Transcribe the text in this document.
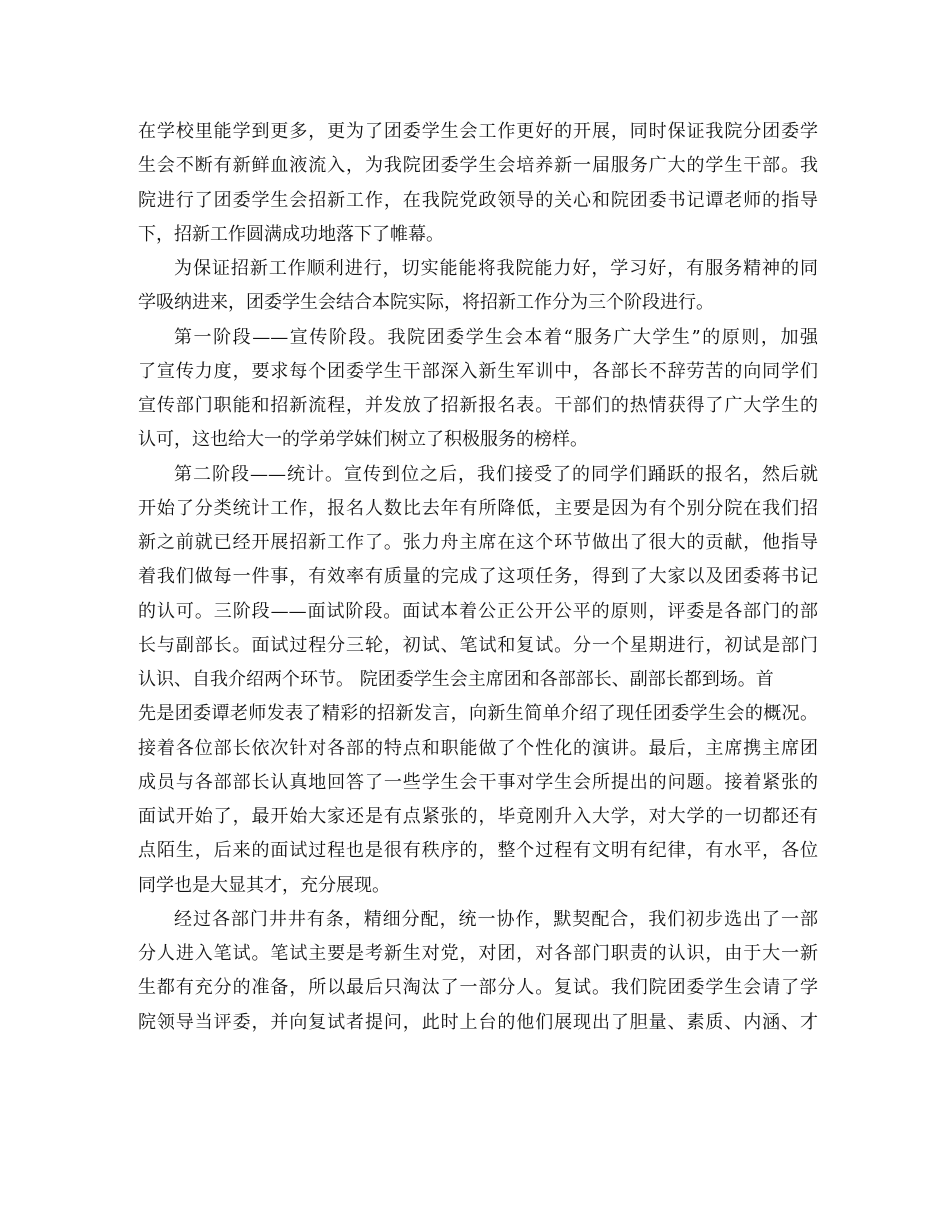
在学校里能学到更多，更为了团委学生会工作更好的开展，同时保证我院分团委学
生会不断有新鲜血液流入，为我院团委学生会培养新一届服务广大的学生干部。我
院进行了团委学生会招新工作，在我院党政领导的关心和院团委书记谭老师的指导
下，招新工作圆满成功地落下了帷幕。
为保证招新工作顺利进行，切实能能将我院能力好，学习好，有服务精神的同
学吸纳进来，团委学生会结合本院实际，将招新工作分为三个阶段进行。
第一阶段——宣传阶段。我院团委学生会本着“服务广大学生”的原则，加强
了宣传力度，要求每个团委学生干部深入新生军训中，各部长不辞劳苦的向同学们
宣传部门职能和招新流程，并发放了招新报名表。干部们的热情获得了广大学生的
认可，这也给大一的学弟学妹们树立了积极服务的榜样。
第二阶段——统计。宣传到位之后，我们接受了的同学们踊跃的报名，然后就
开始了分类统计工作，报名人数比去年有所降低，主要是因为有个别分院在我们招
新之前就已经开展招新工作了。张力舟主席在这个环节做出了很大的贡献，他指导
着我们做每一件事，有效率有质量的完成了这项任务，得到了大家以及团委蒋书记
的认可。三阶段——面试阶段。面试本着公正公开公平的原则，评委是各部门的部
长与副部长。面试过程分三轮，初试、笔试和复试。分一个星期进行，初试是部门
认识、自我介绍两个环节。 院团委学生会主席团和各部部长、副部长都到场。首
先是团委谭老师发表了精彩的招新发言，向新生简单介绍了现任团委学生会的概况。
接着各位部长依次针对各部的特点和职能做了个性化的演讲。最后，主席携主席团
成员与各部部长认真地回答了一些学生会干事对学生会所提出的问题。接着紧张的
面试开始了，最开始大家还是有点紧张的，毕竟刚升入大学，对大学的一切都还有
点陌生，后来的面试过程也是很有秩序的，整个过程有文明有纪律，有水平，各位
同学也是大显其才，充分展现。
经过各部门井井有条，精细分配，统一协作，默契配合，我们初步选出了一部
分人进入笔试。笔试主要是考新生对党，对团，对各部门职责的认识，由于大一新
生都有充分的准备，所以最后只淘汰了一部分人。复试。我们院团委学生会请了学
院领导当评委，并向复试者提问，此时上台的他们展现出了胆量、素质、内涵、才
